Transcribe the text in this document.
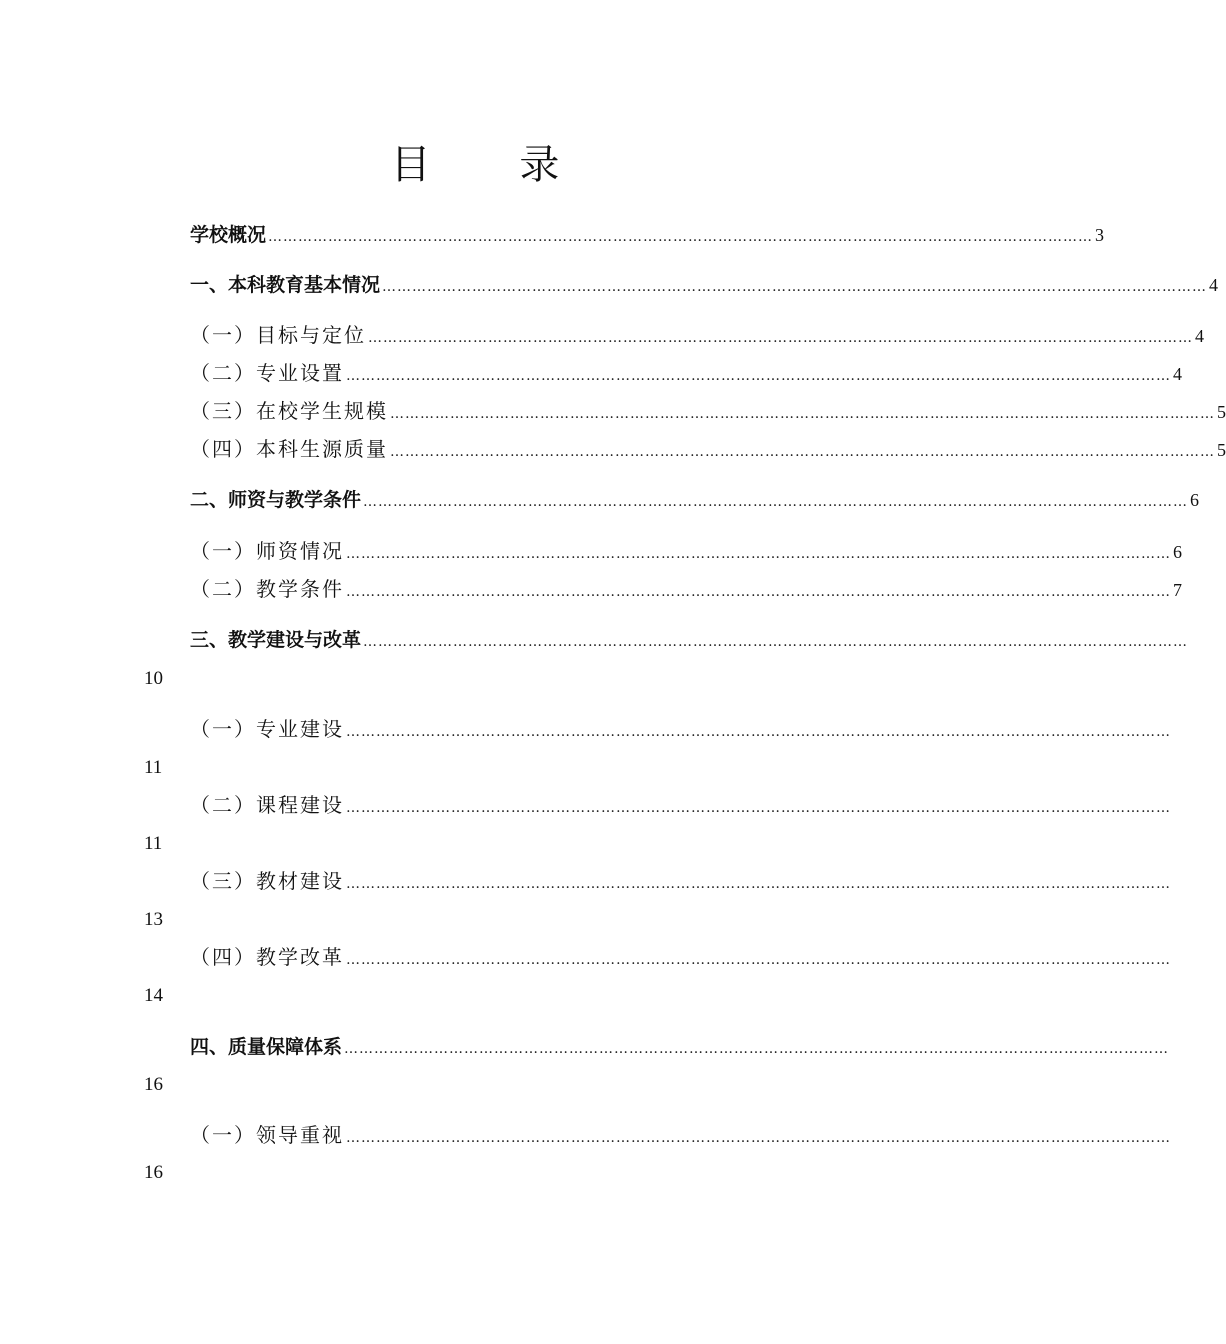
目 录
学校概况 ………………………………………………………………………………………………………………………………………………… 3
一、本科教育基本情况 ………………………………………………………………………………………………………………………………………………… 4
（一）目标与定位 ………………………………………………………………………………………………………………………………………………… 4
（二）专业设置 ………………………………………………………………………………………………………………………………………………… 4
（三）在校学生规模 ………………………………………………………………………………………………………………………………………………… 5
（四）本科生源质量 ………………………………………………………………………………………………………………………………………………… 5
二、师资与教学条件 ………………………………………………………………………………………………………………………………………………… 6
（一）师资情况 ………………………………………………………………………………………………………………………………………………… 6
（二）教学条件 ………………………………………………………………………………………………………………………………………………… 7
三、教学建设与改革 …………………………………………………………………………………………………………………………………………………
10
（一）专业建设 …………………………………………………………………………………………………………………………………………………
11
（二）课程建设 …………………………………………………………………………………………………………………………………………………
11
（三）教材建设 …………………………………………………………………………………………………………………………………………………
13
（四）教学改革 …………………………………………………………………………………………………………………………………………………
14
四、质量保障体系 …………………………………………………………………………………………………………………………………………………
16
（一）领导重视 …………………………………………………………………………………………………………………………………………………
16
